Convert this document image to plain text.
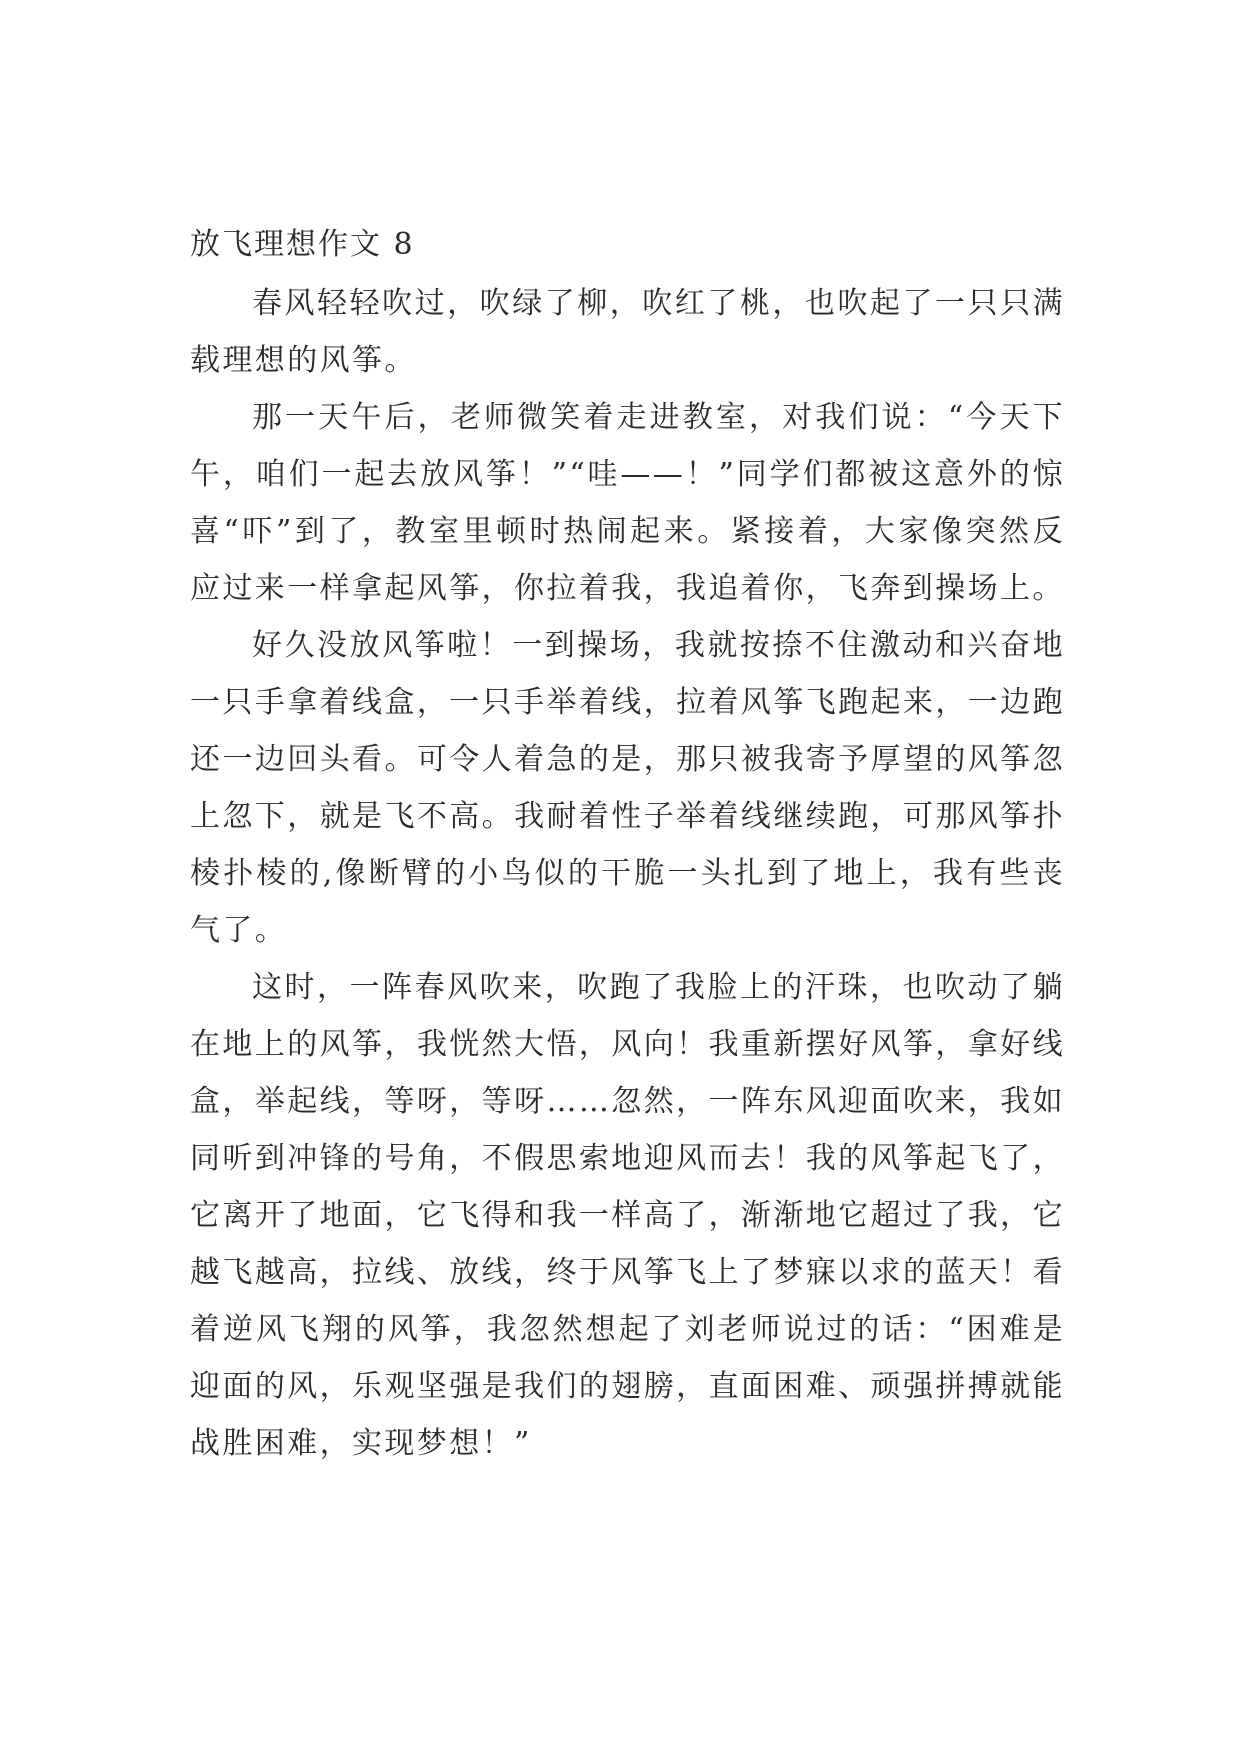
放飞理想作文 8

春风轻轻吹过，吹绿了柳，吹红了桃，也吹起了一只只满载理想的风筝。

那一天午后，老师微笑着走进教室，对我们说：“今天下午，咱们一起去放风筝！”“哇——！”同学们都被这意外的惊喜“吓”到了，教室里顿时热闹起来。紧接着，大家像突然反应过来一样拿起风筝，你拉着我，我追着你，飞奔到操场上。

好久没放风筝啦！一到操场，我就按捺不住激动和兴奋地一只手拿着线盒，一只手举着线，拉着风筝飞跑起来，一边跑还一边回头看。可令人着急的是，那只被我寄予厚望的风筝忽上忽下，就是飞不高。我耐着性子举着线继续跑，可那风筝扑棱扑棱的,像断臂的小鸟似的干脆一头扎到了地上，我有些丧气了。

这时，一阵春风吹来，吹跑了我脸上的汗珠，也吹动了躺在地上的风筝，我恍然大悟，风向！我重新摆好风筝，拿好线盒，举起线，等呀，等呀……忽然，一阵东风迎面吹来，我如同听到冲锋的号角，不假思索地迎风而去！我的风筝起飞了，它离开了地面，它飞得和我一样高了，渐渐地它超过了我，它越飞越高，拉线、放线，终于风筝飞上了梦寐以求的蓝天！看着逆风飞翔的风筝，我忽然想起了刘老师说过的话：“困难是迎面的风，乐观坚强是我们的翅膀，直面困难、顽强拼搏就能战胜困难，实现梦想！”
